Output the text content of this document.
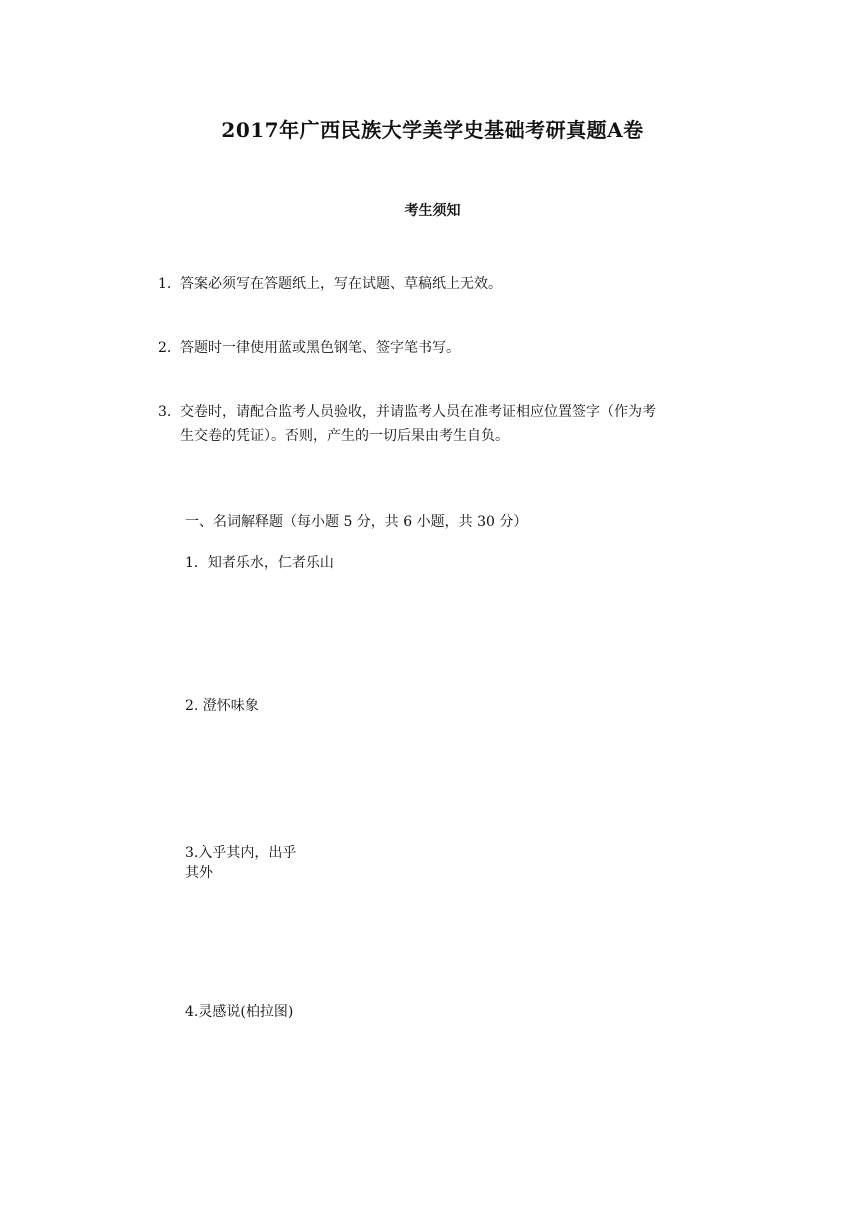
2017年广西民族大学美学史基础考研真题A卷
考生须知
1. 答案必须写在答题纸上，写在试题、草稿纸上无效。
2. 答题时一律使用蓝或黑色钢笔、签字笔书写。
3. 交卷时，请配合监考人员验收，并请监考人员在准考证相应位置签字（作为考
生交卷的凭证）。否则，产生的一切后果由考生自负。
一、名词解释题（每小题 5 分，共 6 小题，共 30 分）
1．知者乐水，仁者乐山
2. 澄怀味象
3.入乎其内，出乎
其外
4.灵感说(柏拉图)
